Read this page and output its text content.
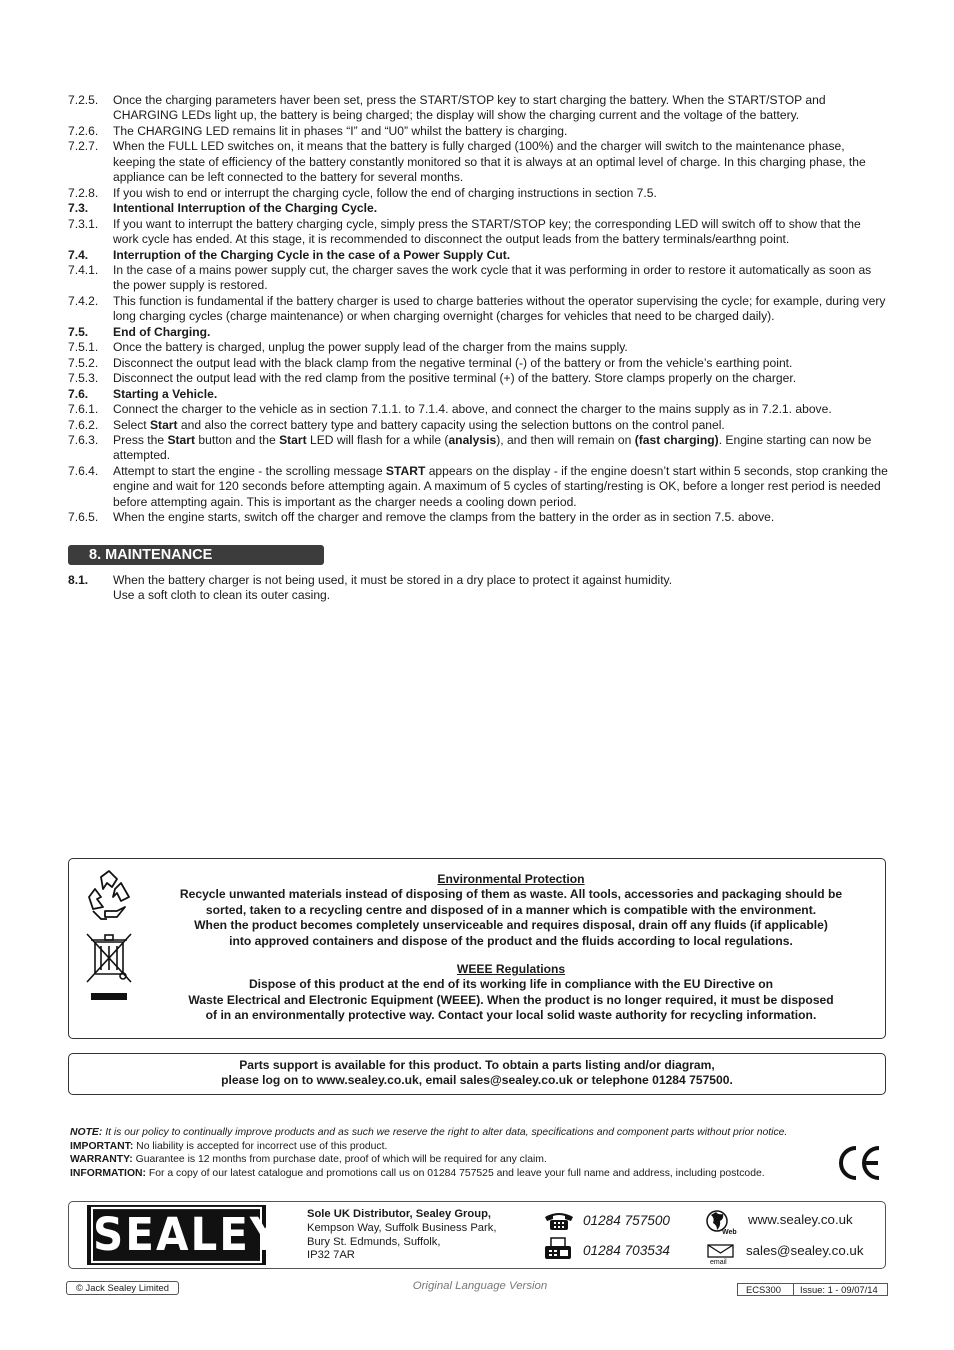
7.2.5.	Once the charging parameters haver been set, press the START/STOP key to start charging the battery. When the START/STOP and CHARGING LEDs light up, the battery is being charged; the display will show the charging current and the voltage of the battery.
7.2.6.	The CHARGING LED remains lit in phases “I” and “U0” whilst the battery is charging.
7.2.7.	When the FULL LED switches on, it means that the battery is fully charged (100%) and the charger will switch to the maintenance phase, keeping the state of efficiency of the battery constantly monitored so that it is always at an optimal level of charge. In this charging phase, the appliance can be left connected to the battery for several months.
7.2.8.	If you wish to end or interrupt the charging cycle, follow the end of charging instructions in section 7.5.
7.3.	Intentional Interruption of the Charging Cycle.
7.3.1.	If you want to interrupt the battery charging cycle, simply press the START/STOP key; the corresponding LED will switch off to show that the work cycle has ended. At this stage, it is recommended to disconnect the output leads from the battery terminals/earthng point.
7.4.	Interruption of the Charging Cycle in the case of a Power Supply Cut.
7.4.1.	In the case of a mains power supply cut, the charger saves the work cycle that it was performing in order to restore it automatically as soon as the power supply is restored.
7.4.2.	This function is fundamental if the battery charger is used to charge batteries without the operator supervising the cycle; for example, during very long charging cycles (charge maintenance) or when charging overnight (charges for vehicles that need to be charged daily).
7.5.	End of Charging.
7.5.1.	Once the battery is charged, unplug the power supply lead of the charger from the mains supply.
7.5.2.	Disconnect the output lead with the black clamp from the negative terminal (-) of the battery or from the vehicle’s earthing point.
7.5.3.	Disconnect the output lead with the red clamp from the positive terminal (+) of the battery. Store clamps properly on the charger.
7.6.	Starting a Vehicle.
7.6.1.	Connect the charger to the vehicle as in section 7.1.1. to 7.1.4. above, and connect the charger to the mains supply as in 7.2.1. above.
7.6.2.	Select Start and also the correct battery type and battery capacity using the selection buttons on the control panel.
7.6.3.	Press the Start button and the Start LED will flash for a while (analysis), and then will remain on (fast charging). Engine starting can now be attempted.
7.6.4.	Attempt to start the engine - the scrolling message START appears on the display - if the engine doesn’t start within 5 seconds, stop cranking the engine and wait for 120 seconds before attempting again. A maximum of 5 cycles of starting/resting is OK, before a longer rest period is needed before attempting again. This is important as the charger needs a cooling down period.
7.6.5.	When the engine starts, switch off the charger and remove the clamps from the battery in the order as in section 7.5. above.
8. MAINTENANCE
8.1.	When the battery charger is not being used, it must be stored in a dry place to protect it against humidity.
Use a soft cloth to clean its outer casing.

Environmental Protection
Recycle unwanted materials instead of disposing of them as waste. All tools, accessories and packaging should be
sorted, taken to a recycling centre and disposed of in a manner which is compatible with the environment.
When the product becomes completely unserviceable and requires disposal, drain off any fluids (if applicable)
into approved containers and dispose of the product and the fluids according to local regulations.
WEEE Regulations
Dispose of this product at the end of its working life in compliance with the EU Directive on
Waste Electrical and Electronic Equipment (WEEE). When the product is no longer required, it must be disposed
of in an environmentally protective way. Contact your local solid waste authority for recycling information.
Parts support is available for this product. To obtain a parts listing and/or diagram,
please log on to www.sealey.co.uk, email sales@sealey.co.uk or telephone 01284 757500.
NOTE: It is our policy to continually improve products and as such we reserve the right to alter data, specifications and component parts without prior notice.
IMPORTANT: No liability is accepted for incorrect use of this product.
WARRANTY: Guarantee is 12 months from purchase date, proof of which will be required for any claim.
INFORMATION: For a copy of our latest catalogue and promotions call us on 01284 757525 and leave your full name and address, including postcode.
SEALEY Sole UK Distributor, Sealey Group,
Kempson Way, Suffolk Business Park,
Bury St. Edmunds, Suffolk,
IP32 7AR
01284 757500
01284 703534
Web
www.sealey.co.uk
email
sales@sealey.co.uk
© Jack Sealey Limited	Original Language Version	ECS300	Issue: 1 - 09/07/14
